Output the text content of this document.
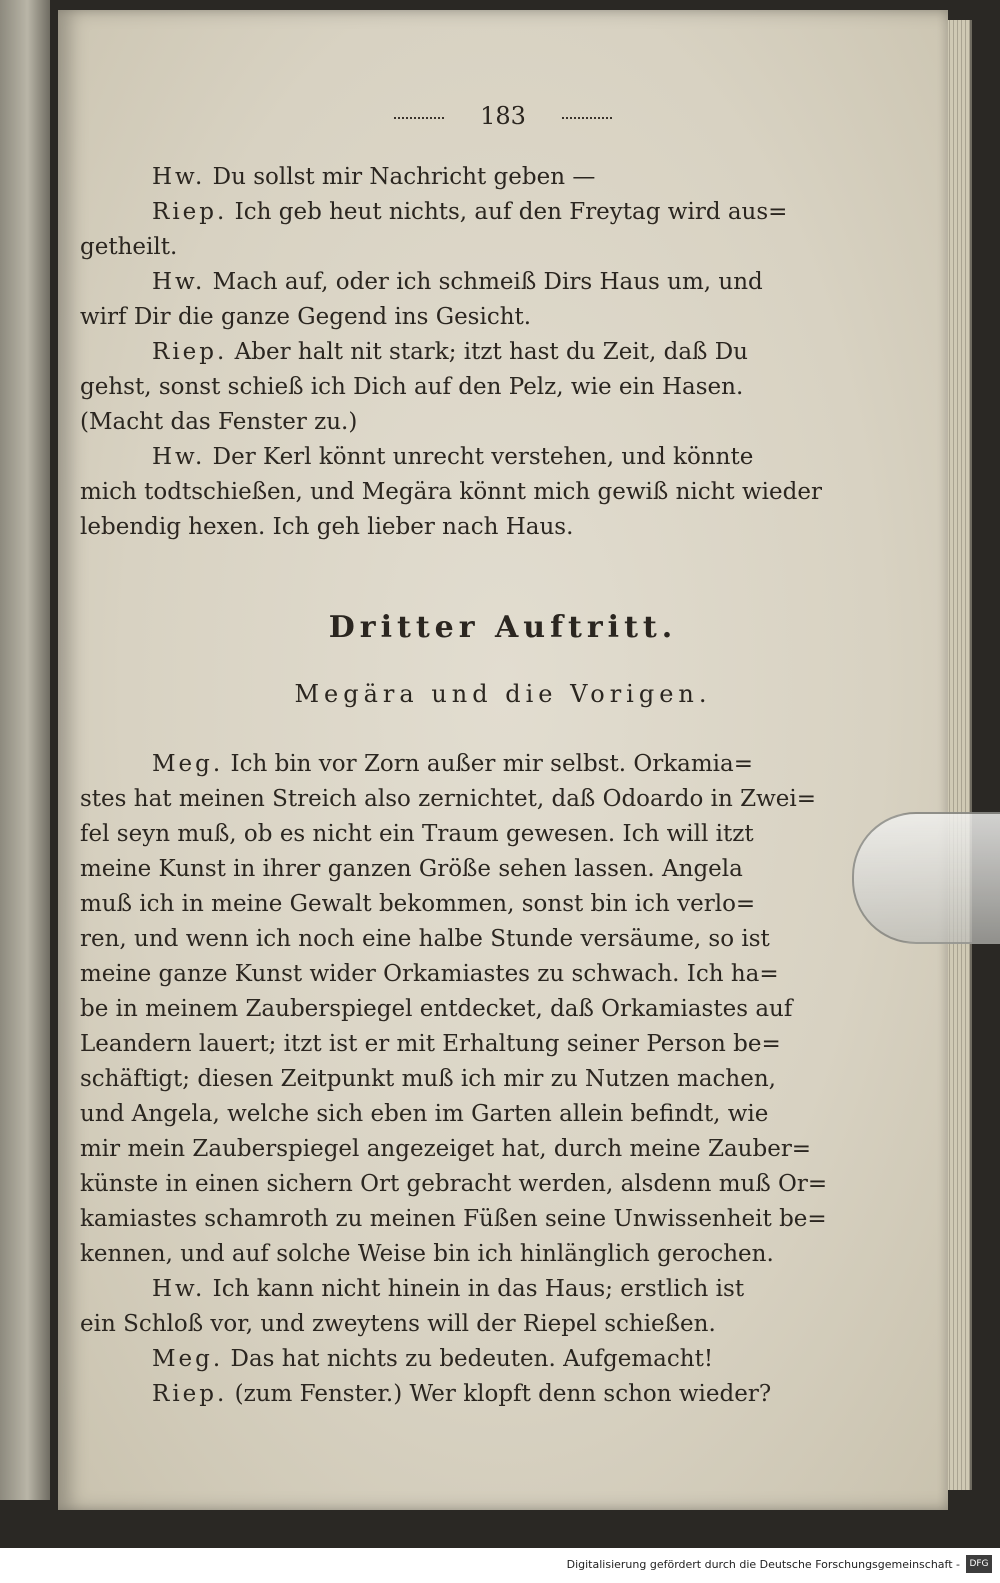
183
Hw. Du sollst mir Nachricht geben —
Riep. Ich geb heut nichts, auf den Freytag wird aus=
getheilt.
Hw. Mach auf, oder ich schmeiß Dirs Haus um, und
wirf Dir die ganze Gegend ins Gesicht.
Riep. Aber halt nit stark; itzt hast du Zeit, daß Du
gehst, sonst schieß ich Dich auf den Pelz, wie ein Hasen.
(Macht das Fenster zu.)
Hw. Der Kerl könnt unrecht verstehen, und könnte
mich todtschießen, und Megära könnt mich gewiß nicht wieder
lebendig hexen. Ich geh lieber nach Haus.
Dritter Auftritt.
Megära und die Vorigen.
Meg. Ich bin vor Zorn außer mir selbst. Orkamia=
stes hat meinen Streich also zernichtet, daß Odoardo in Zwei=
fel seyn muß, ob es nicht ein Traum gewesen. Ich will itzt
meine Kunst in ihrer ganzen Größe sehen lassen. Angela
muß ich in meine Gewalt bekommen, sonst bin ich verlo=
ren, und wenn ich noch eine halbe Stunde versäume, so ist
meine ganze Kunst wider Orkamiastes zu schwach. Ich ha=
be in meinem Zauberspiegel entdecket, daß Orkamiastes auf
Leandern lauert; itzt ist er mit Erhaltung seiner Person be=
schäftigt; diesen Zeitpunkt muß ich mir zu Nutzen machen,
und Angela, welche sich eben im Garten allein befindt, wie
mir mein Zauberspiegel angezeiget hat, durch meine Zauber=
künste in einen sichern Ort gebracht werden, alsdenn muß Or=
kamiastes schamroth zu meinen Füßen seine Unwissenheit be=
kennen, und auf solche Weise bin ich hinlänglich gerochen.
Hw. Ich kann nicht hinein in das Haus; erstlich ist
ein Schloß vor, und zweytens will der Riepel schießen.
Meg. Das hat nichts zu bedeuten. Aufgemacht!
Riep. (zum Fenster.) Wer klopft denn schon wieder?
Digitalisierung gefördert durch die Deutsche Forschungsgemeinschaft -	DFG
